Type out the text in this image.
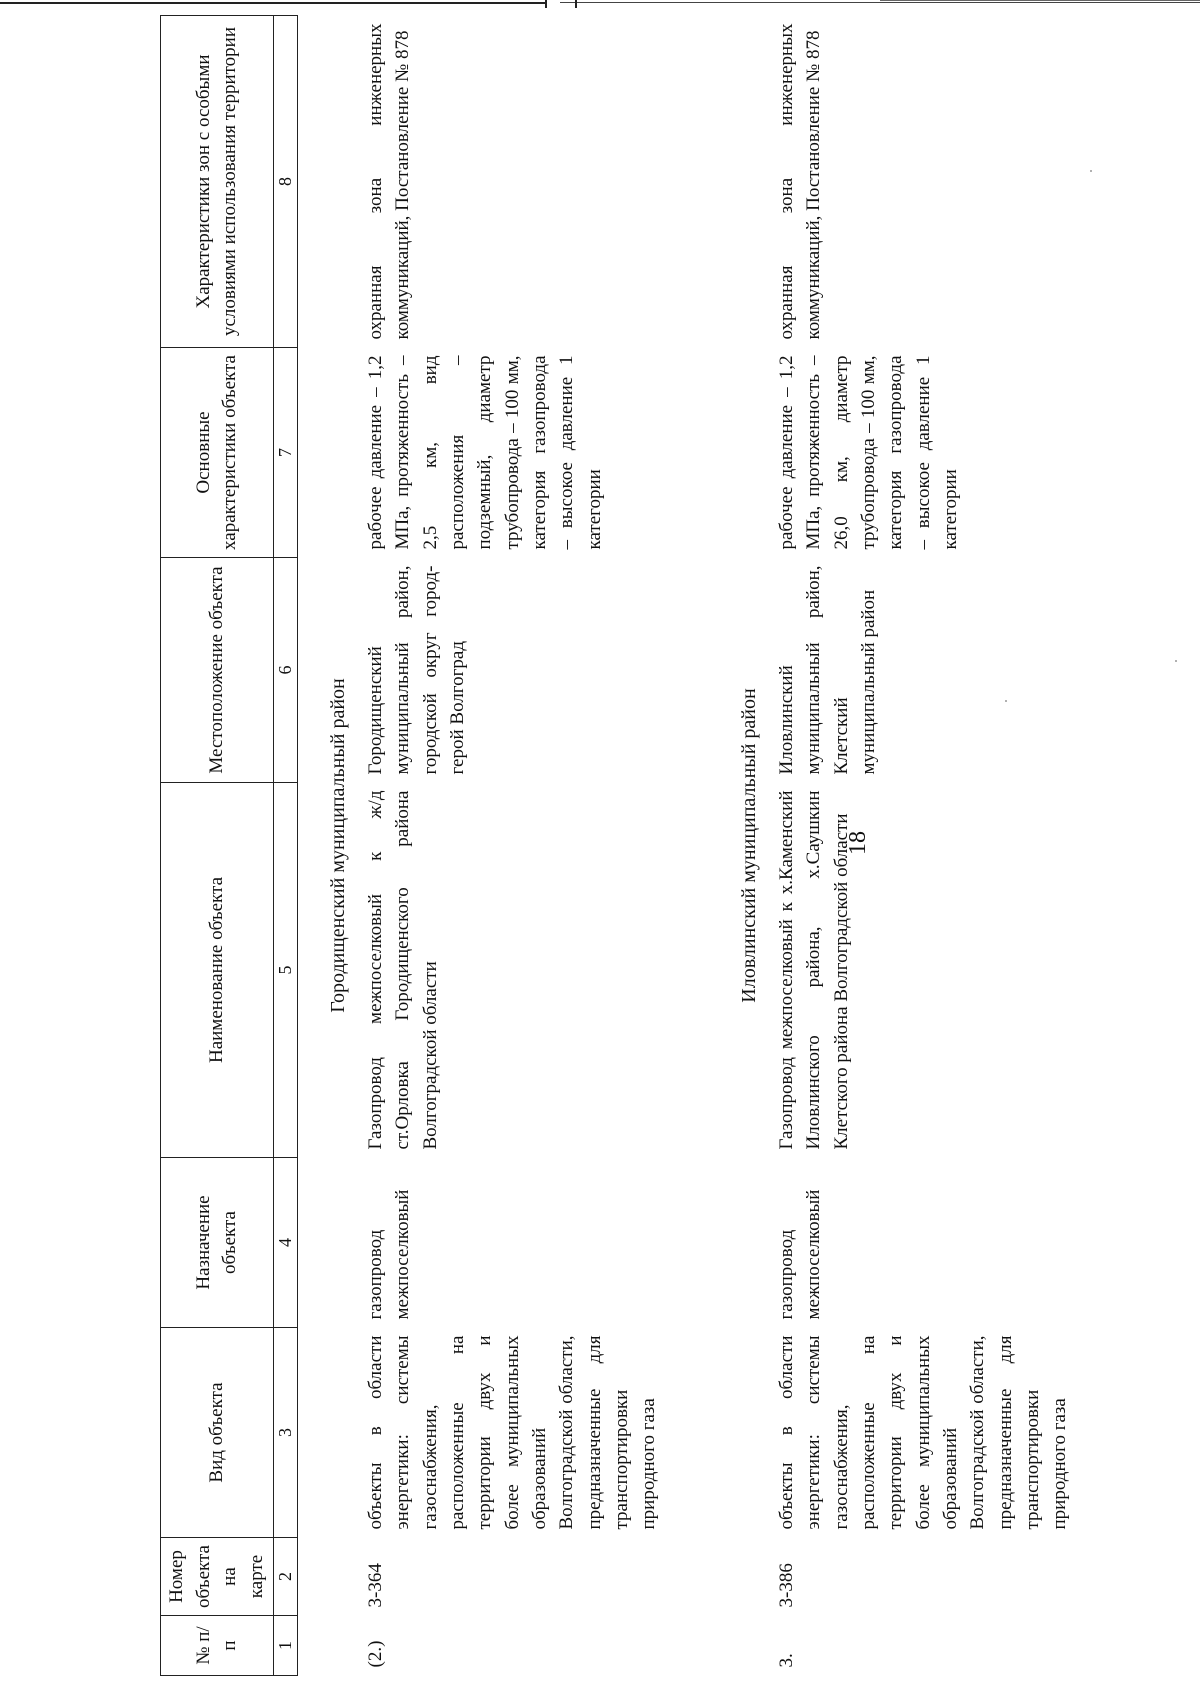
18
№ п/п	Номер объекта на карте	Вид объекта	Назначение объекта	Наименование объекта	Местоположение объекта	Основные характеристики объекта	Характеристики зон с особыми условиями использования территории
1	2	3	4	5	6	7	8

Городищенский муниципальный район							
(2.)	3-364	объекты в области энергетики: системы газоснабжения, расположенные на территории двух и более муниципальных образований Волгоградской области, предназначенные для транспортировки природного газа	газопровод межпоселковый	Газопровод межпоселковый к ж/д ст.Орловка Городищенского района Волгоградской области	Городищенский муниципальный район, городской округ город-герой Волгоград	рабочее давление – 1,2 МПа, протяженность – 2,5 км, вид расположения – подземный, диаметр трубопровода – 100 мм, категория газопровода – высокое давление 1 категории	охранная зона инженерных коммуникаций, Постановление № 878

Иловлинский муниципальный район							
3.	3-386	объекты в области энергетики: системы газоснабжения, расположенные на территории двух и более муниципальных образований Волгоградской области, предназначенные для транспортировки природного газа	газопровод межпоселковый	Газопровод межпоселковый к х.Каменский Иловлинского района, х.Саушкин Клетского района Волгоградской области	Иловлинский муниципальный район, Клетский муниципальный район	рабочее давление – 1,2 МПа, протяженность – 26,0 км, диаметр трубопровода – 100 мм, категория газопровода – высокое давление 1 категории	охранная зона инженерных коммуникаций, Постановление № 878
